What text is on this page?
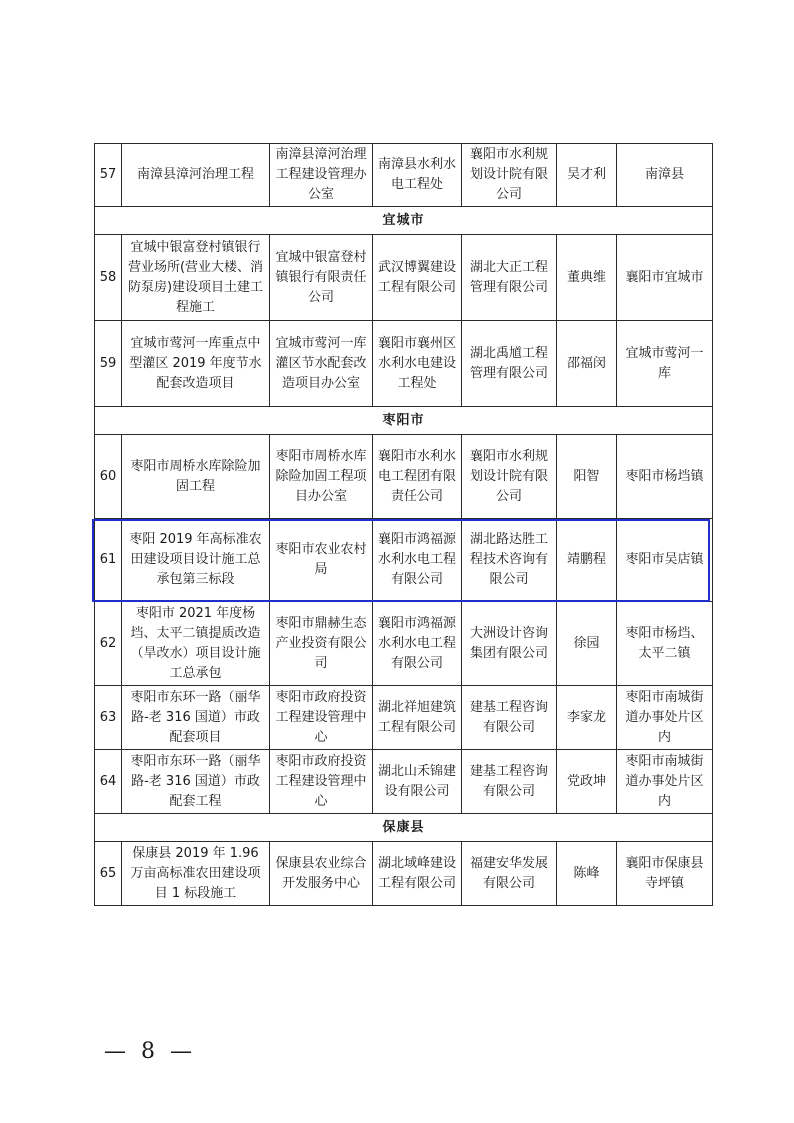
57	南漳县漳河治理工程	南漳县漳河治理工程建设管理办公室	南漳县水利水电工程处	襄阳市水利规划设计院有限公司	吴才利	南漳县
宜城市						
58	宜城中银富登村镇银行营业场所(营业大楼、消防泵房)建设项目土建工程施工	宜城中银富登村镇银行有限责任公司	武汉博翼建设工程有限公司	湖北大正工程管理有限公司	董典维	襄阳市宜城市
59	宜城市莺河一库重点中型灌区 2019 年度节水配套改造项目	宜城市莺河一库灌区节水配套改造项目办公室	襄阳市襄州区水利水电建设工程处	湖北禹馗工程管理有限公司	邵福闵	宜城市莺河一库
枣阳市						
60	枣阳市周桥水库除险加固工程	枣阳市周桥水库除险加固工程项目办公室	襄阳市水利水电工程团有限责任公司	襄阳市水利规划设计院有限公司	阳智	枣阳市杨垱镇
61	枣阳 2019 年高标准农田建设项目设计施工总承包第三标段	枣阳市农业农村局	襄阳市鸿福源水利水电工程有限公司	湖北路达胜工程技术咨询有限公司	靖鹏程	枣阳市吴店镇
62	枣阳市 2021 年度杨垱、太平二镇提质改造（旱改水）项目设计施工总承包	枣阳市鼎赫生态产业投资有限公司	襄阳市鸿福源水利水电工程有限公司	大洲设计咨询集团有限公司	徐园	枣阳市杨垱、太平二镇
63	枣阳市东环一路（丽华路-老 316 国道）市政配套项目	枣阳市政府投资工程建设管理中心	湖北祥旭建筑工程有限公司	建基工程咨询有限公司	李家龙	枣阳市南城街道办事处片区内
64	枣阳市东环一路（丽华路-老 316 国道）市政配套工程	枣阳市政府投资工程建设管理中心	湖北山禾锦建设有限公司	建基工程咨询有限公司	党政坤	枣阳市南城街道办事处片区内
保康县						
65	保康县 2019 年 1.96 万亩高标准农田建设项目 1 标段施工	保康县农业综合开发服务中心	湖北域峰建设工程有限公司	福建安华发展有限公司	陈峰	襄阳市保康县寺坪镇
— 8 —
